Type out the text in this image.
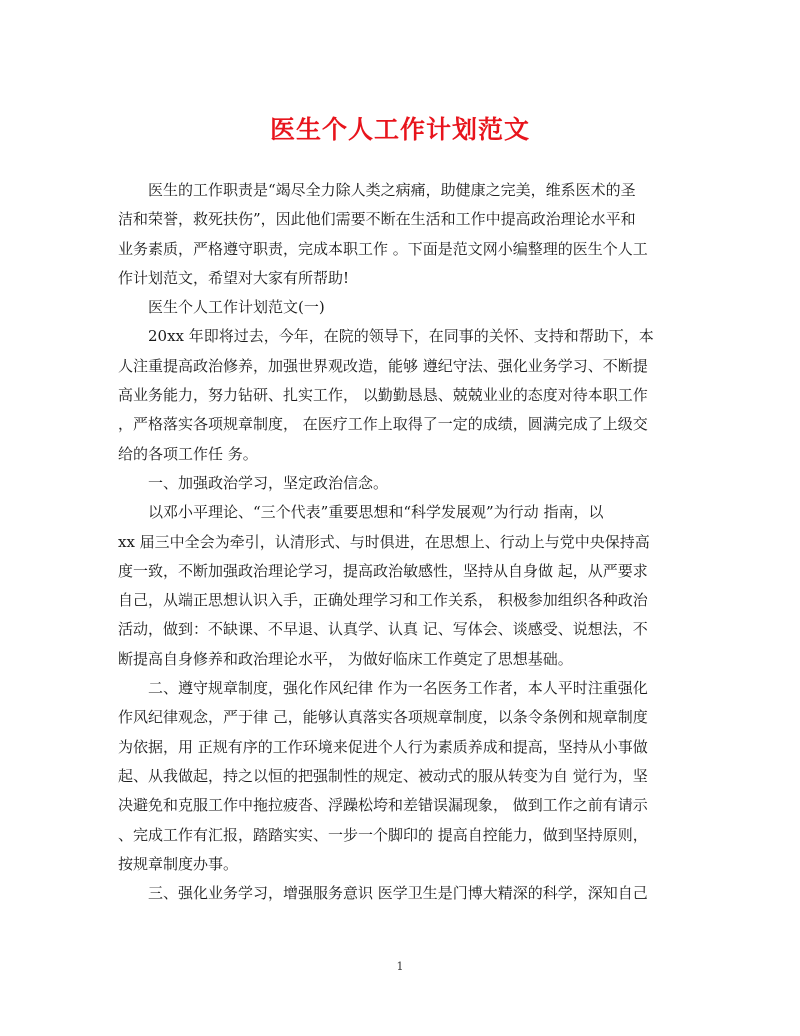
医生个人工作计划范文
　　医生的工作职责是“竭尽全力除人类之病痛，助健康之完美，维系医术的圣
洁和荣誉，救死扶伤”，因此他们需要不断在生活和工作中提高政治理论水平和
业务素质，严格遵守职责，完成本职工作 。下面是范文网小编整理的医生个人工
作计划范文，希望对大家有所帮助!
　　医生个人工作计划范文(一)
　　20xx 年即将过去，今年，在院的领导下，在同事的关怀、支持和帮助下，本
人注重提高政治修养，加强世界观改造，能够 遵纪守法、强化业务学习、不断提
高业务能力，努力钻研、扎实工作， 以勤勤恳恳、兢兢业业的态度对待本职工作
，严格落实各项规章制度， 在医疗工作上取得了一定的成绩，圆满完成了上级交
给的各项工作任 务。
　　一、加强政治学习，坚定政治信念。
　　以邓小平理论、“三个代表”重要思想和“科学发展观”为行动 指南，以
xx 届三中全会为牵引，认清形式、与时俱进，在思想上、行动上与党中央保持高
度一致，不断加强政治理论学习，提高政治敏感性，坚持从自身做 起，从严要求
自己，从端正思想认识入手，正确处理学习和工作关系， 积极参加组织各种政治
活动，做到：不缺课、不早退、认真学、认真 记、写体会、谈感受、说想法，不
断提高自身修养和政治理论水平， 为做好临床工作奠定了思想基础。
　　二、遵守规章制度，强化作风纪律 作为一名医务工作者，本人平时注重强化
作风纪律观念，严于律 己，能够认真落实各项规章制度，以条令条例和规章制度
为依据，用 正规有序的工作环境来促进个人行为素质养成和提高，坚持从小事做
起、从我做起，持之以恒的把强制性的规定、被动式的服从转变为自 觉行为，坚
决避免和克服工作中拖拉疲沓、浮躁松垮和差错误漏现象， 做到工作之前有请示
、完成工作有汇报，踏踏实实、一步一个脚印的 提高自控能力，做到坚持原则，
按规章制度办事。
　　三、强化业务学习，增强服务意识 医学卫生是门博大精深的科学，深知自己
1
